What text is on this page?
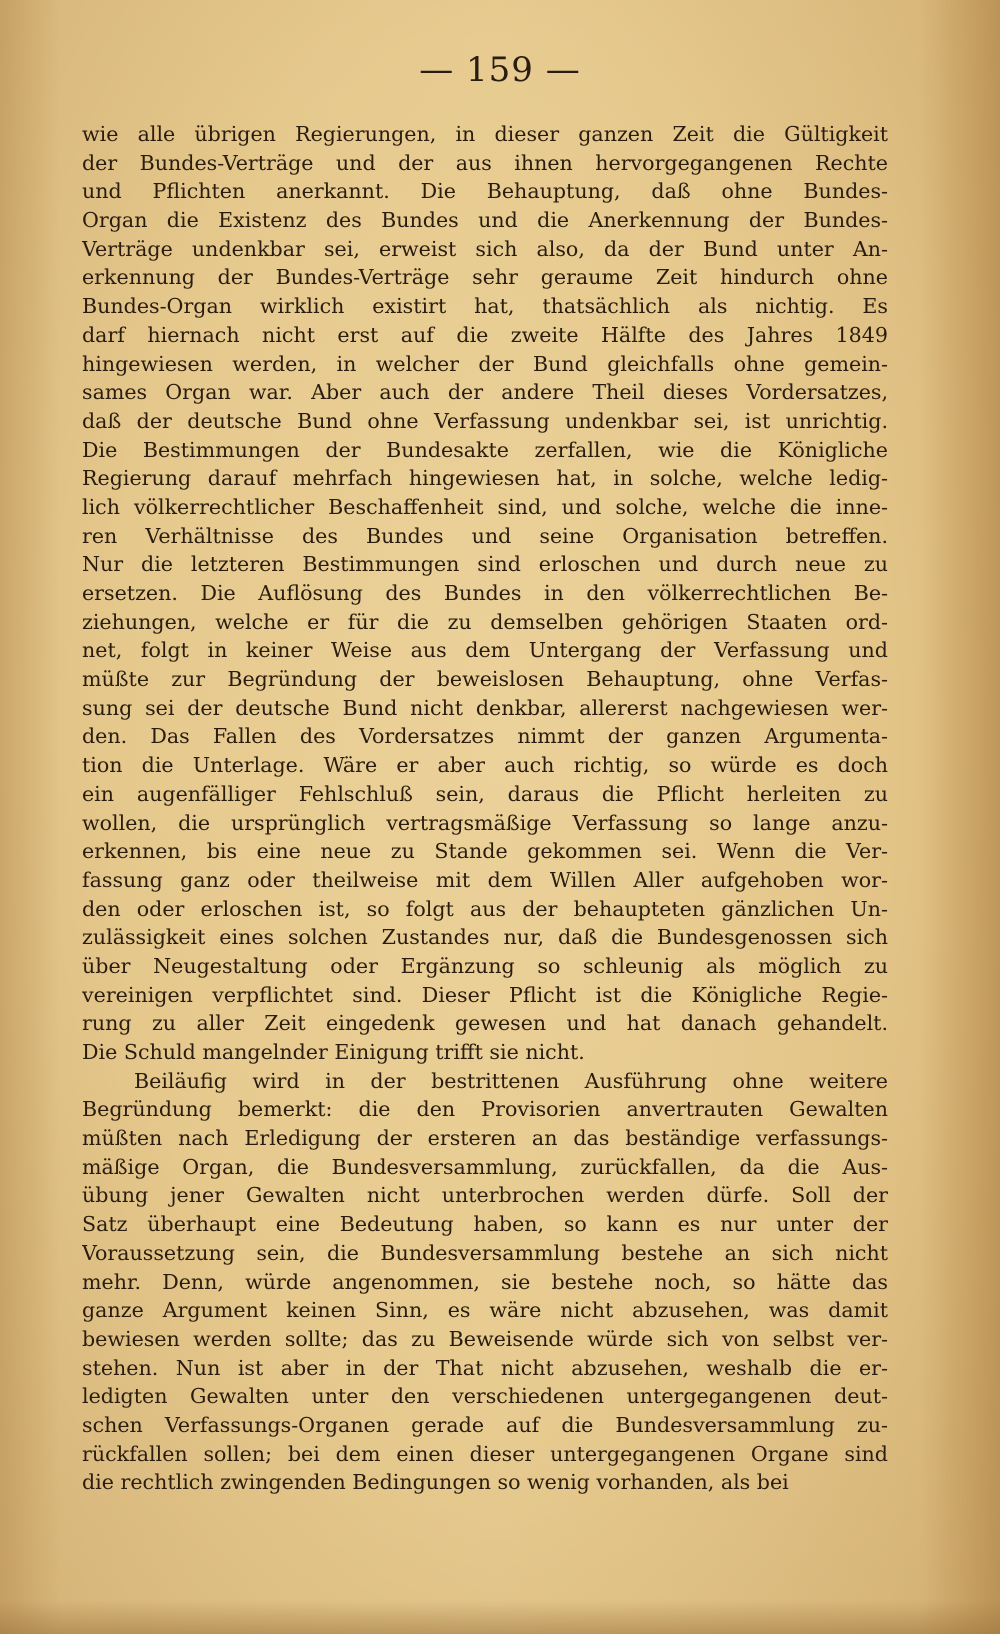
— 159 —
wie alle übrigen Regierungen, in dieser ganzen Zeit die Gültigkeit
der Bundes-Verträge und der aus ihnen hervorgegangenen Rechte
und Pflichten anerkannt. Die Behauptung, daß ohne Bundes-
Organ die Existenz des Bundes und die Anerkennung der Bundes-
Verträge undenkbar sei, erweist sich also, da der Bund unter An-
erkennung der Bundes-Verträge sehr geraume Zeit hindurch ohne
Bundes-Organ wirklich existirt hat, thatsächlich als nichtig. Es
darf hiernach nicht erst auf die zweite Hälfte des Jahres 1849
hingewiesen werden, in welcher der Bund gleichfalls ohne gemein-
sames Organ war. Aber auch der andere Theil dieses Vordersatzes,
daß der deutsche Bund ohne Verfassung undenkbar sei, ist unrichtig.
Die Bestimmungen der Bundesakte zerfallen, wie die Königliche
Regierung darauf mehrfach hingewiesen hat, in solche, welche ledig-
lich völkerrechtlicher Beschaffenheit sind, und solche, welche die inne-
ren Verhältnisse des Bundes und seine Organisation betreffen.
Nur die letzteren Bestimmungen sind erloschen und durch neue zu
ersetzen. Die Auflösung des Bundes in den völkerrechtlichen Be-
ziehungen, welche er für die zu demselben gehörigen Staaten ord-
net, folgt in keiner Weise aus dem Untergang der Verfassung und
müßte zur Begründung der beweislosen Behauptung, ohne Verfas-
sung sei der deutsche Bund nicht denkbar, allererst nachgewiesen wer-
den. Das Fallen des Vordersatzes nimmt der ganzen Argumenta-
tion die Unterlage. Wäre er aber auch richtig, so würde es doch
ein augenfälliger Fehlschluß sein, daraus die Pflicht herleiten zu
wollen, die ursprünglich vertragsmäßige Verfassung so lange anzu-
erkennen, bis eine neue zu Stande gekommen sei. Wenn die Ver-
fassung ganz oder theilweise mit dem Willen Aller aufgehoben wor-
den oder erloschen ist, so folgt aus der behaupteten gänzlichen Un-
zulässigkeit eines solchen Zustandes nur, daß die Bundesgenossen sich
über Neugestaltung oder Ergänzung so schleunig als möglich zu
vereinigen verpflichtet sind. Dieser Pflicht ist die Königliche Regie-
rung zu aller Zeit eingedenk gewesen und hat danach gehandelt.
Die Schuld mangelnder Einigung trifft sie nicht.
Beiläufig wird in der bestrittenen Ausführung ohne weitere
Begründung bemerkt: die den Provisorien anvertrauten Gewalten
müßten nach Erledigung der ersteren an das beständige verfassungs-
mäßige Organ, die Bundesversammlung, zurückfallen, da die Aus-
übung jener Gewalten nicht unterbrochen werden dürfe. Soll der
Satz überhaupt eine Bedeutung haben, so kann es nur unter der
Voraussetzung sein, die Bundesversammlung bestehe an sich nicht
mehr. Denn, würde angenommen, sie bestehe noch, so hätte das
ganze Argument keinen Sinn, es wäre nicht abzusehen, was damit
bewiesen werden sollte; das zu Beweisende würde sich von selbst ver-
stehen. Nun ist aber in der That nicht abzusehen, weshalb die er-
ledigten Gewalten unter den verschiedenen untergegangenen deut-
schen Verfassungs-Organen gerade auf die Bundesversammlung zu-
rückfallen sollen; bei dem einen dieser untergegangenen Organe sind
die rechtlich zwingenden Bedingungen so wenig vorhanden, als bei
